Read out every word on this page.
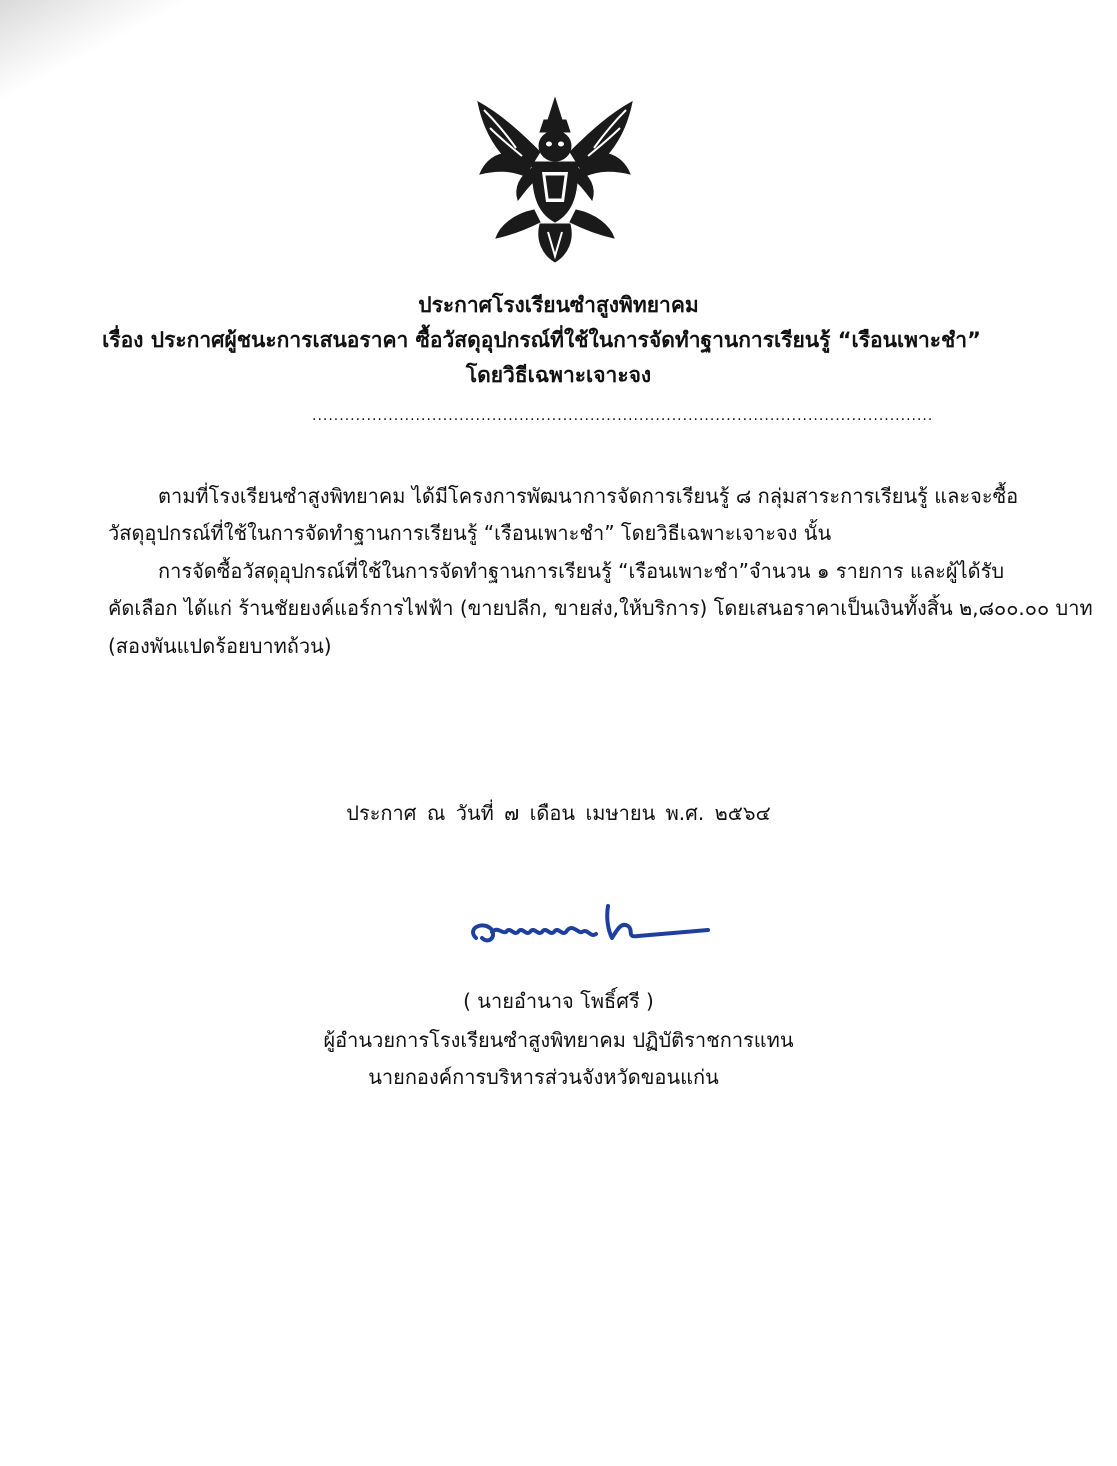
ประกาศโรงเรียนซำสูงพิทยาคม
เรื่อง ประกาศผู้ชนะการเสนอราคา ซื้อวัสดุอุปกรณ์ที่ใช้ในการจัดทำฐานการเรียนรู้ “เรือนเพาะชำ”
โดยวิธีเฉพาะเจาะจง
..................................................................................................................
ตามที่โรงเรียนซำสูงพิทยาคม ได้มีโครงการพัฒนาการจัดการเรียนรู้ ๘ กลุ่มสาระการเรียนรู้ และจะซื้อ
วัสดุอุปกรณ์ที่ใช้ในการจัดทำฐานการเรียนรู้ “เรือนเพาะชำ” โดยวิธีเฉพาะเจาะจง นั้น
การจัดซื้อวัสดุอุปกรณ์ที่ใช้ในการจัดทำฐานการเรียนรู้ “เรือนเพาะชำ”จำนวน ๑ รายการ และผู้ได้รับ
คัดเลือก ได้แก่ ร้านชัยยงค์แอร์การไฟฟ้า (ขายปลีก, ขายส่ง,ให้บริการ) โดยเสนอราคาเป็นเงินทั้งสิ้น ๒,๘๐๐.๐๐ บาท
(สองพันแปดร้อยบาทถ้วน)
ประกาศ ณ วันที่ ๗ เดือน เมษายน พ.ศ. ๒๕๖๔
( นายอำนาจ โพธิ์ศรี )
ผู้อำนวยการโรงเรียนซำสูงพิทยาคม ปฏิบัติราชการแทน
นายกองค์การบริหารส่วนจังหวัดขอนแก่น
